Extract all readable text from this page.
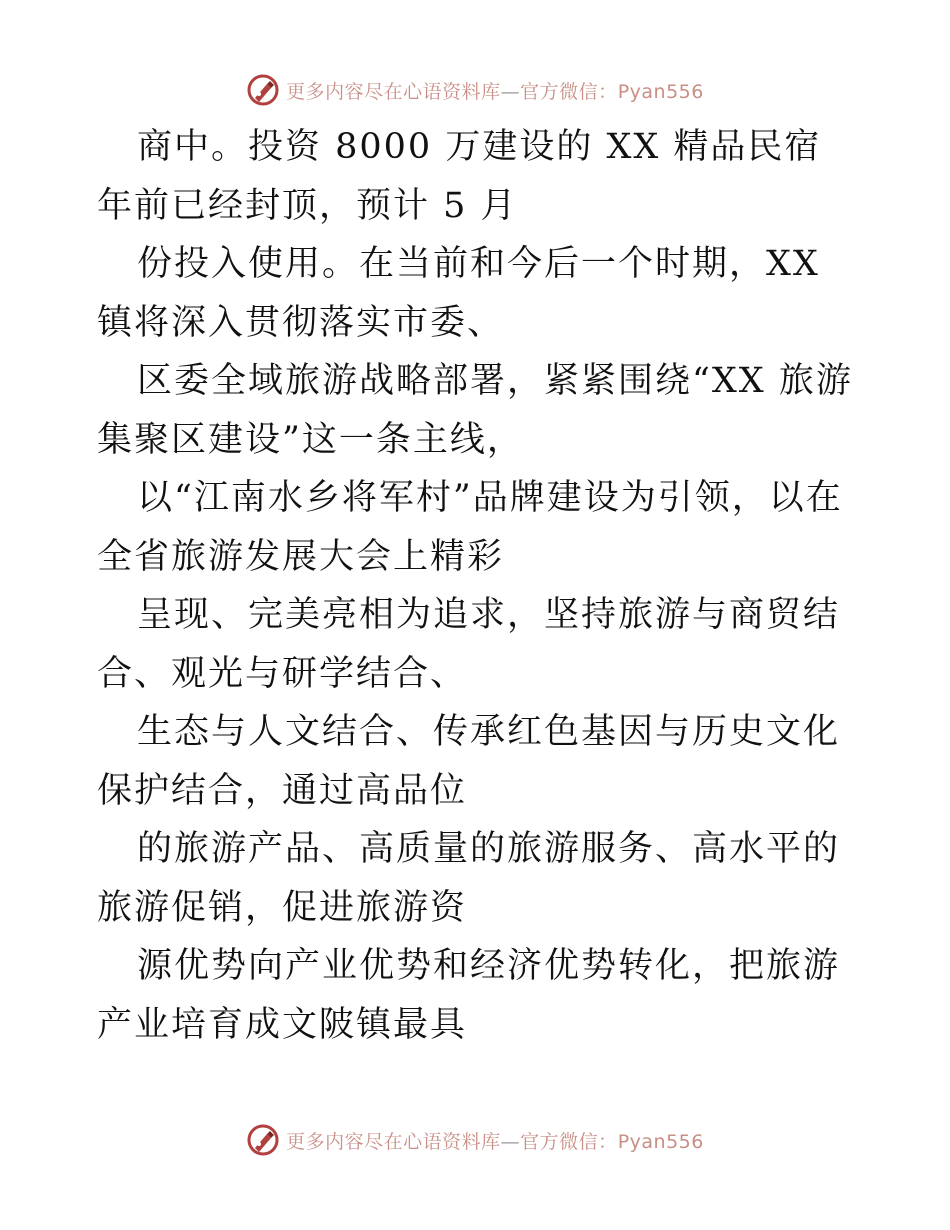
更多内容尽在心语资料库—官方微信：Pyan556

商中。投资 8000 万建设的 XX 精品民宿年前已经封顶，预计 5 月

份投入使用。在当前和今后一个时期，XX 镇将深入贯彻落实市委、

区委全域旅游战略部署，紧紧围绕“XX 旅游集聚区建设”这一条主线，

以“江南水乡将军村”品牌建设为引领，以在全省旅游发展大会上精彩

呈现、完美亮相为追求，坚持旅游与商贸结合、观光与研学结合、

生态与人文结合、传承红色基因与历史文化保护结合，通过高品位

的旅游产品、高质量的旅游服务、高水平的旅游促销，促进旅游资

源优势向产业优势和经济优势转化，把旅游产业培育成文陂镇最具

更多内容尽在心语资料库—官方微信：Pyan556
